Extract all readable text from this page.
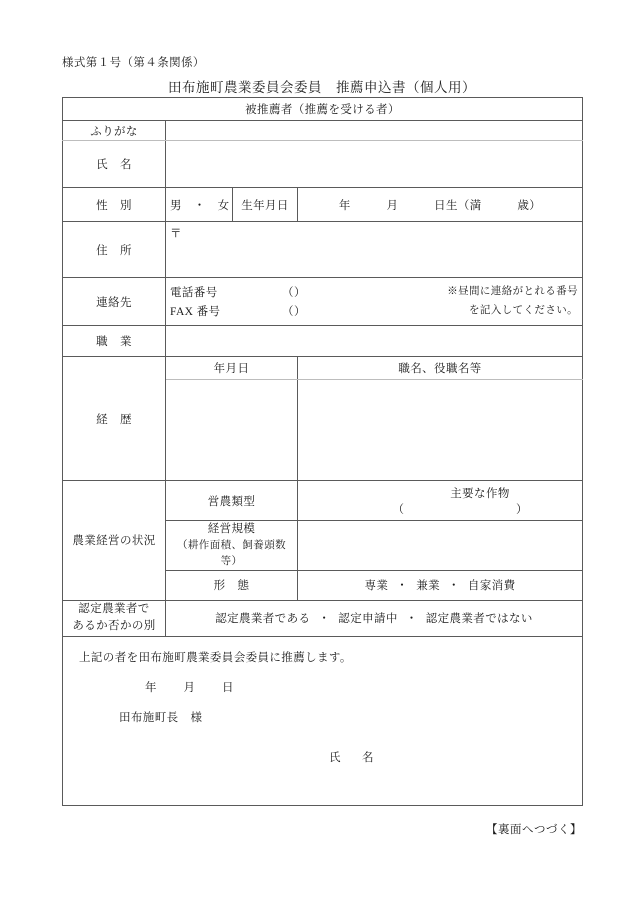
様式第１号（第４条関係）
田布施町農業委員会委員　推薦申込書（個人用）
被推薦者（推薦を受ける者）			
ふりがな			
氏　名			
性　別	男　・　女	生年月日	年　　　月　　　日生（満　　　歳）
住　所	〒		

連絡先	
電話番号	（ ）	※昼間に連絡がとれる番号
FAX 番号	（ ）	を記入してください。

職　業			
経　歴	年月日		職名、役職名等

農業経営の状況	営農類型		主要な作物
（ ）

	経営規模
（耕作面積、飼養頭数等）		

	形　態		専業 ・ 兼業 ・ 自家消費

認定農業者で
あるか否かの別	認定農業者である ・ 認定申請中 ・ 認定農業者ではない		

上記の者を田布施町農業委員会委員に推薦します。
年 月 日
田布施町長 様
氏　名			
【裏面へつづく】
